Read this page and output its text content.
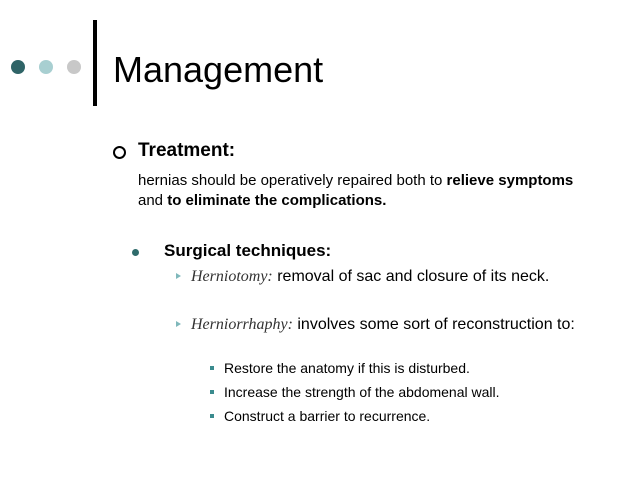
Management
Treatment:
hernias should be operatively repaired both to relieve symptoms and to eliminate the complications.
Surgical techniques:
Herniotomy: removal of sac and closure of its neck.
Herniorrhaphy: involves some sort of reconstruction to:
Restore the anatomy if this is disturbed.
Increase the strength of the abdomenal wall.
Construct a barrier to recurrence.
